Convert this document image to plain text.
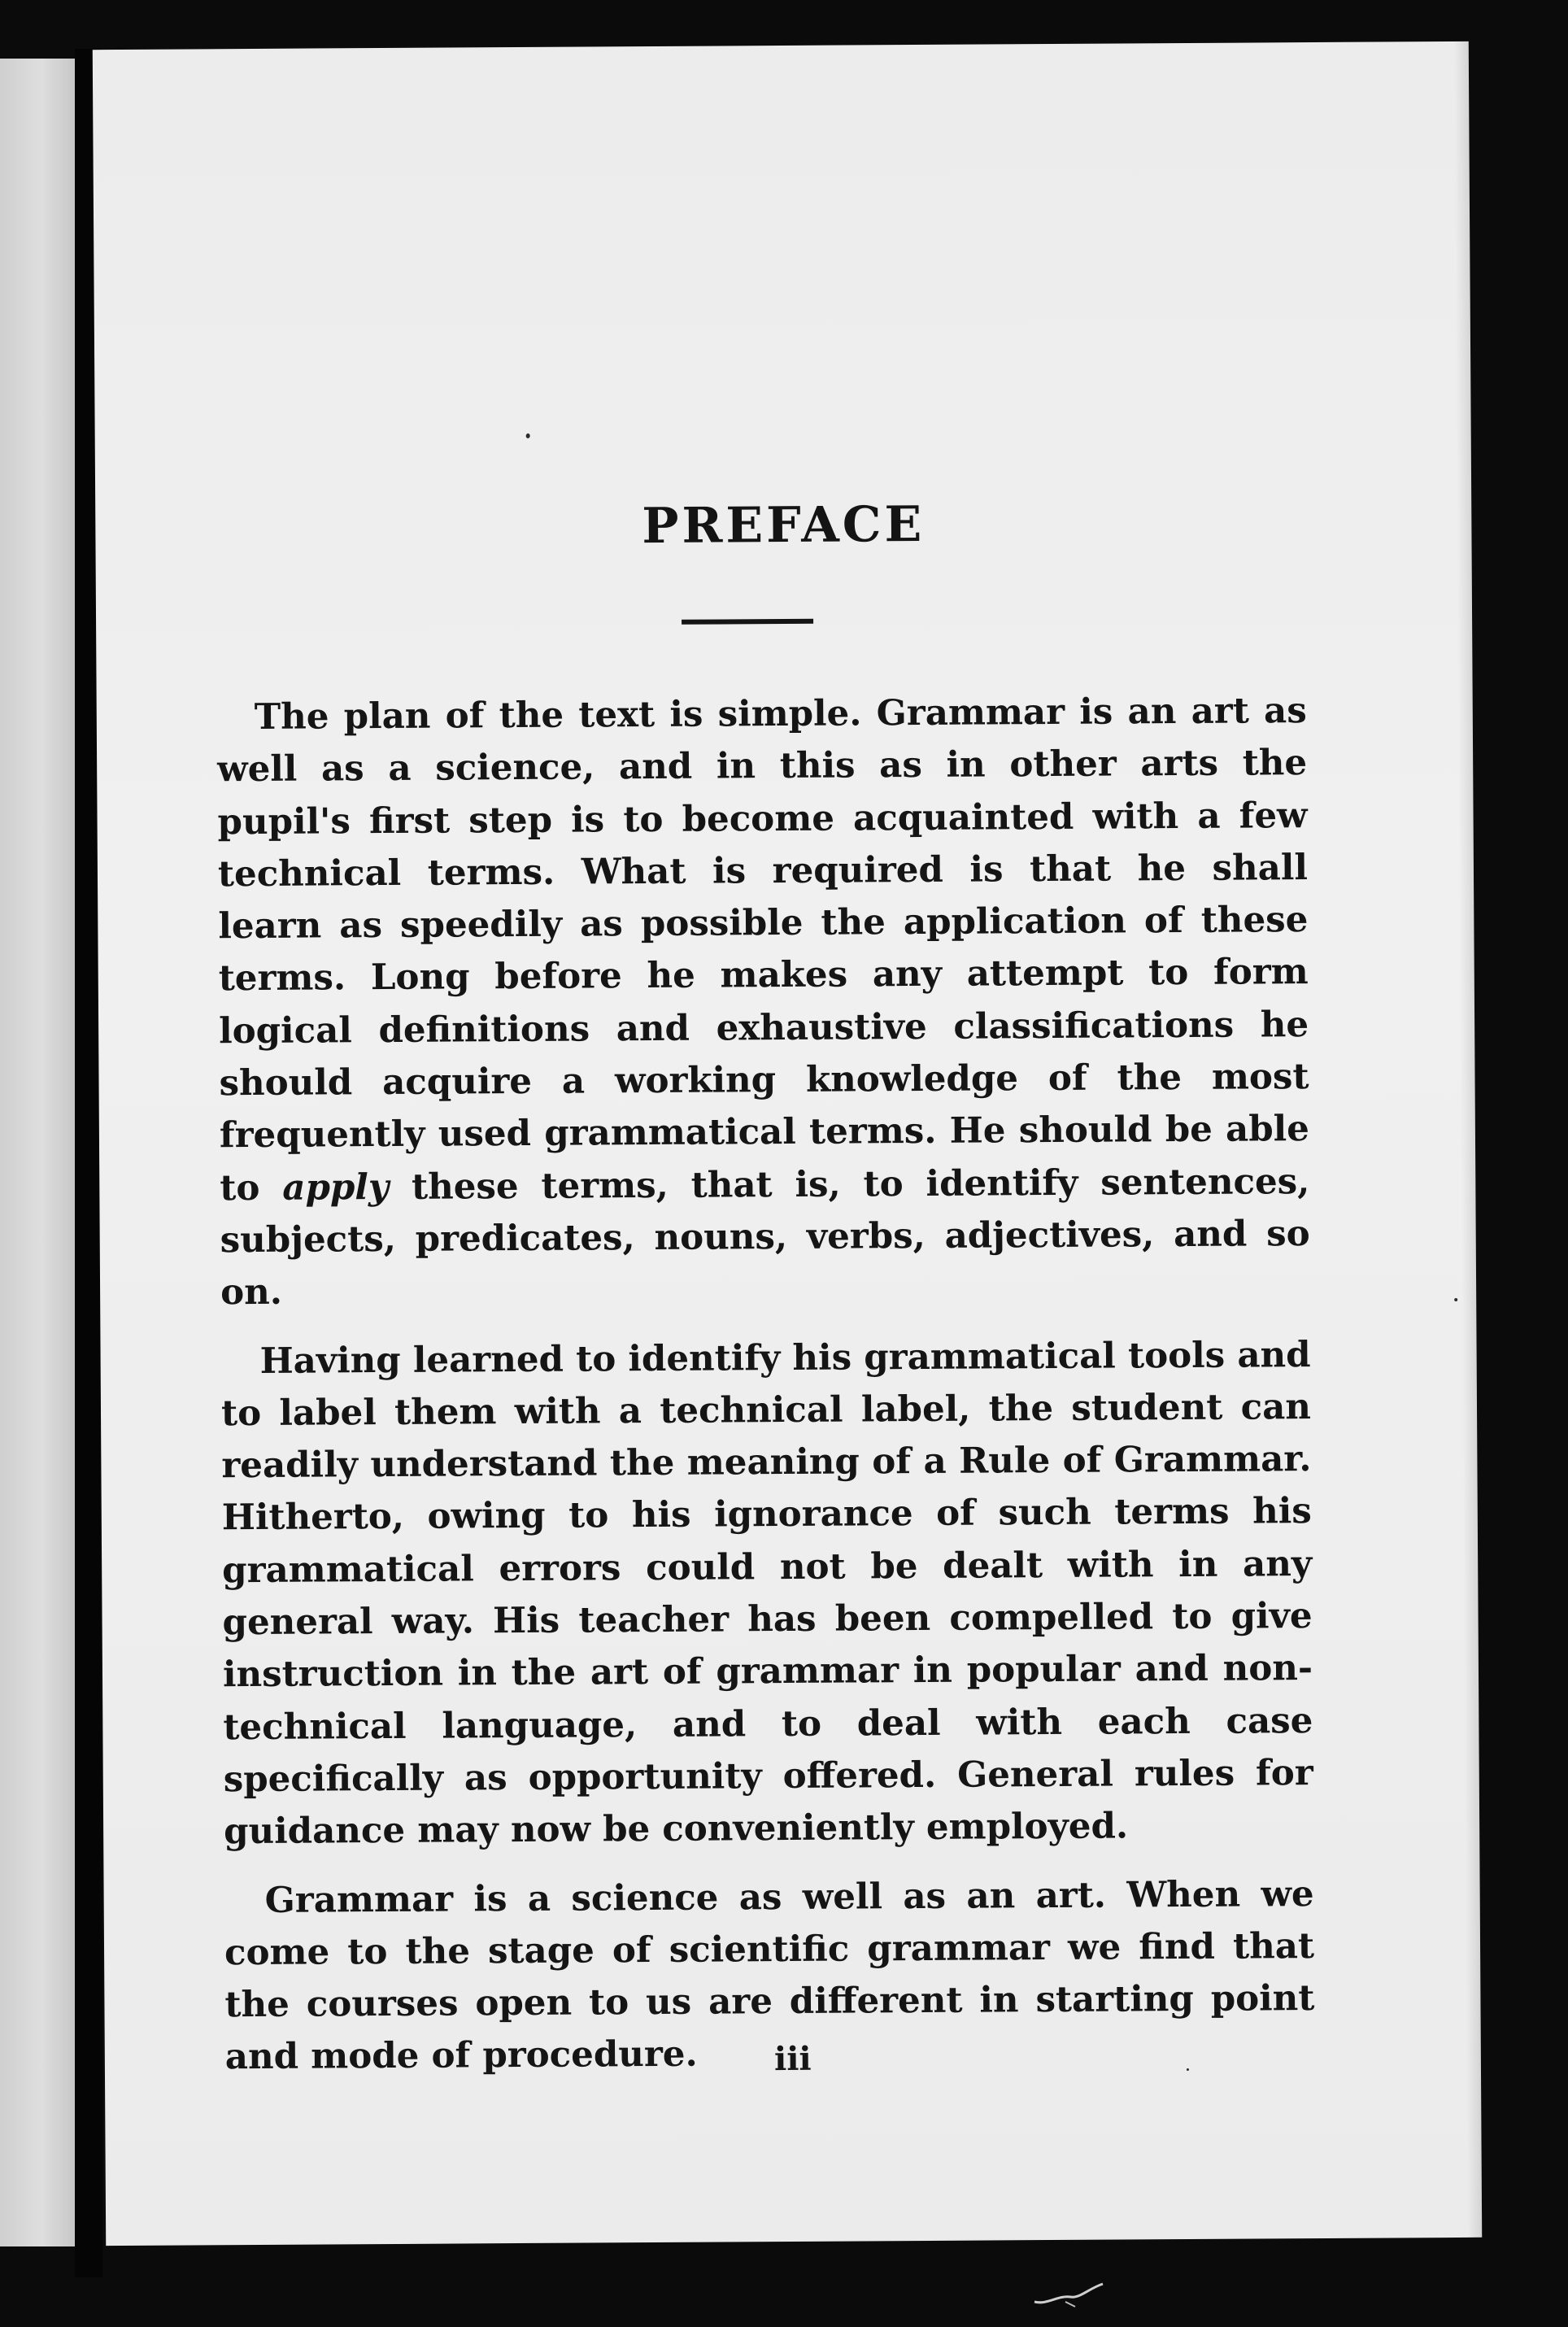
PREFACE

The plan of the text is simple. Grammar is an art as well as a science, and in this as in other arts the pupil's first step is to become acquainted with a few technical terms. What is required is that he shall learn as speedily as possible the application of these terms. Long before he makes any attempt to form logical definitions and exhaustive classifications he should acquire a working knowledge of the most frequently used grammatical terms. He should be able to apply these terms, that is, to identify sentences, subjects, predicates, nouns, verbs, adjectives, and so on.

Having learned to identify his grammatical tools and to label them with a technical label, the student can readily understand the meaning of a Rule of Grammar. Hitherto, owing to his ignorance of such terms his grammatical errors could not be dealt with in any general way. His teacher has been compelled to give instruction in the art of grammar in popular and non-technical language, and to deal with each case specifically as opportunity offered. General rules for guidance may now be conveniently employed.

Grammar is a science as well as an art. When we come to the stage of scientific grammar we find that the courses open to us are different in starting point and mode of procedure.	iii
